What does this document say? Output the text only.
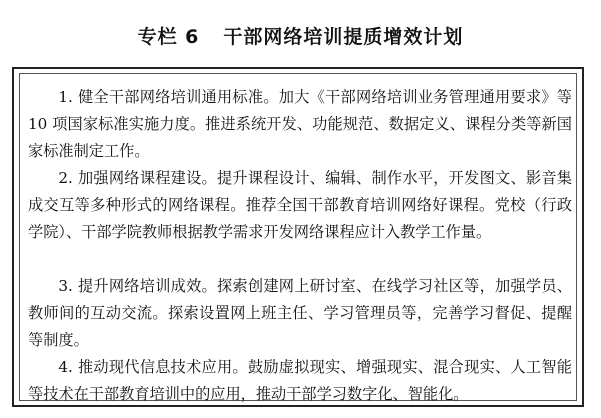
专栏 6 干部网络培训提质增效计划
1. 健全干部网络培训通用标准。加大《干部网络培训业务管理通用要求》等 10 项国家标准实施力度。推进系统开发、功能规范、数据定义、课程分类等新国家标准制定工作。
2. 加强网络课程建设。提升课程设计、编辑、制作水平，开发图文、影音集成交互等多种形式的网络课程。推荐全国干部教育培训网络好课程。党校（行政学院）、干部学院教师根据教学需求开发网络课程应计入教学工作量。
3. 提升网络培训成效。探索创建网上研讨室、在线学习社区等，加强学员、教师间的互动交流。探索设置网上班主任、学习管理员等，完善学习督促、提醒等制度。
4. 推动现代信息技术应用。鼓励虚拟现实、增强现实、混合现实、人工智能等技术在干部教育培训中的应用，推动干部学习数字化、智能化。
